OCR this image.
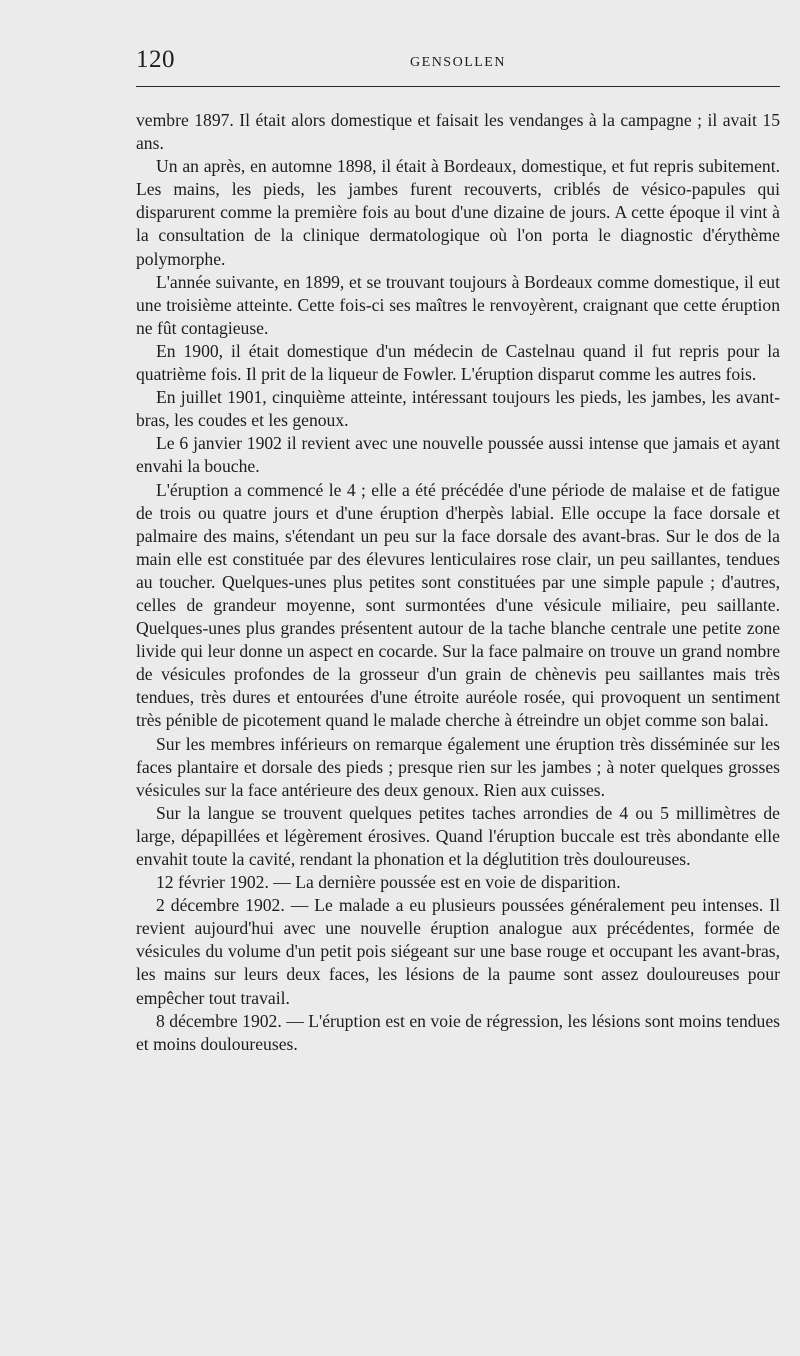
120	GENSOLLEN

vembre 1897. Il était alors domestique et faisait les vendanges à la campagne ; il avait 15 ans.

Un an après, en automne 1898, il était à Bordeaux, domestique, et fut repris subitement. Les mains, les pieds, les jambes furent recouverts, criblés de vésico-papules qui disparurent comme la première fois au bout d'une dizaine de jours. A cette époque il vint à la consultation de la clinique dermatologique où l'on porta le diagnostic d'érythème polymorphe.

L'année suivante, en 1899, et se trouvant toujours à Bordeaux comme domestique, il eut une troisième atteinte. Cette fois-ci ses maîtres le renvoyèrent, craignant que cette éruption ne fût contagieuse.

En 1900, il était domestique d'un médecin de Castelnau quand il fut repris pour la quatrième fois. Il prit de la liqueur de Fowler. L'éruption disparut comme les autres fois.

En juillet 1901, cinquième atteinte, intéressant toujours les pieds, les jambes, les avant-bras, les coudes et les genoux.

Le 6 janvier 1902 il revient avec une nouvelle poussée aussi intense que jamais et ayant envahi la bouche.

L'éruption a commencé le 4 ; elle a été précédée d'une période de malaise et de fatigue de trois ou quatre jours et d'une éruption d'herpès labial. Elle occupe la face dorsale et palmaire des mains, s'étendant un peu sur la face dorsale des avant-bras. Sur le dos de la main elle est constituée par des élevures lenticulaires rose clair, un peu saillantes, tendues au toucher. Quelques-unes plus petites sont constituées par une simple papule ; d'autres, celles de grandeur moyenne, sont surmontées d'une vésicule miliaire, peu saillante. Quelques-unes plus grandes présentent autour de la tache blanche centrale une petite zone livide qui leur donne un aspect en cocarde. Sur la face palmaire on trouve un grand nombre de vésicules profondes de la grosseur d'un grain de chènevis peu saillantes mais très tendues, très dures et entourées d'une étroite auréole rosée, qui provoquent un sentiment très pénible de picotement quand le malade cherche à étreindre un objet comme son balai.

Sur les membres inférieurs on remarque également une éruption très disséminée sur les faces plantaire et dorsale des pieds ; presque rien sur les jambes ; à noter quelques grosses vésicules sur la face antérieure des deux genoux. Rien aux cuisses.

Sur la langue se trouvent quelques petites taches arrondies de 4 ou 5 millimètres de large, dépapillées et légèrement érosives. Quand l'éruption buccale est très abondante elle envahit toute la cavité, rendant la phonation et la déglutition très douloureuses.

12 février 1902. — La dernière poussée est en voie de disparition.

2 décembre 1902. — Le malade a eu plusieurs poussées généralement peu intenses. Il revient aujourd'hui avec une nouvelle éruption analogue aux précédentes, formée de vésicules du volume d'un petit pois siégeant sur une base rouge et occupant les avant-bras, les mains sur leurs deux faces, les lésions de la paume sont assez douloureuses pour empêcher tout travail.

8 décembre 1902. — L'éruption est en voie de régression, les lésions sont moins tendues et moins douloureuses.
